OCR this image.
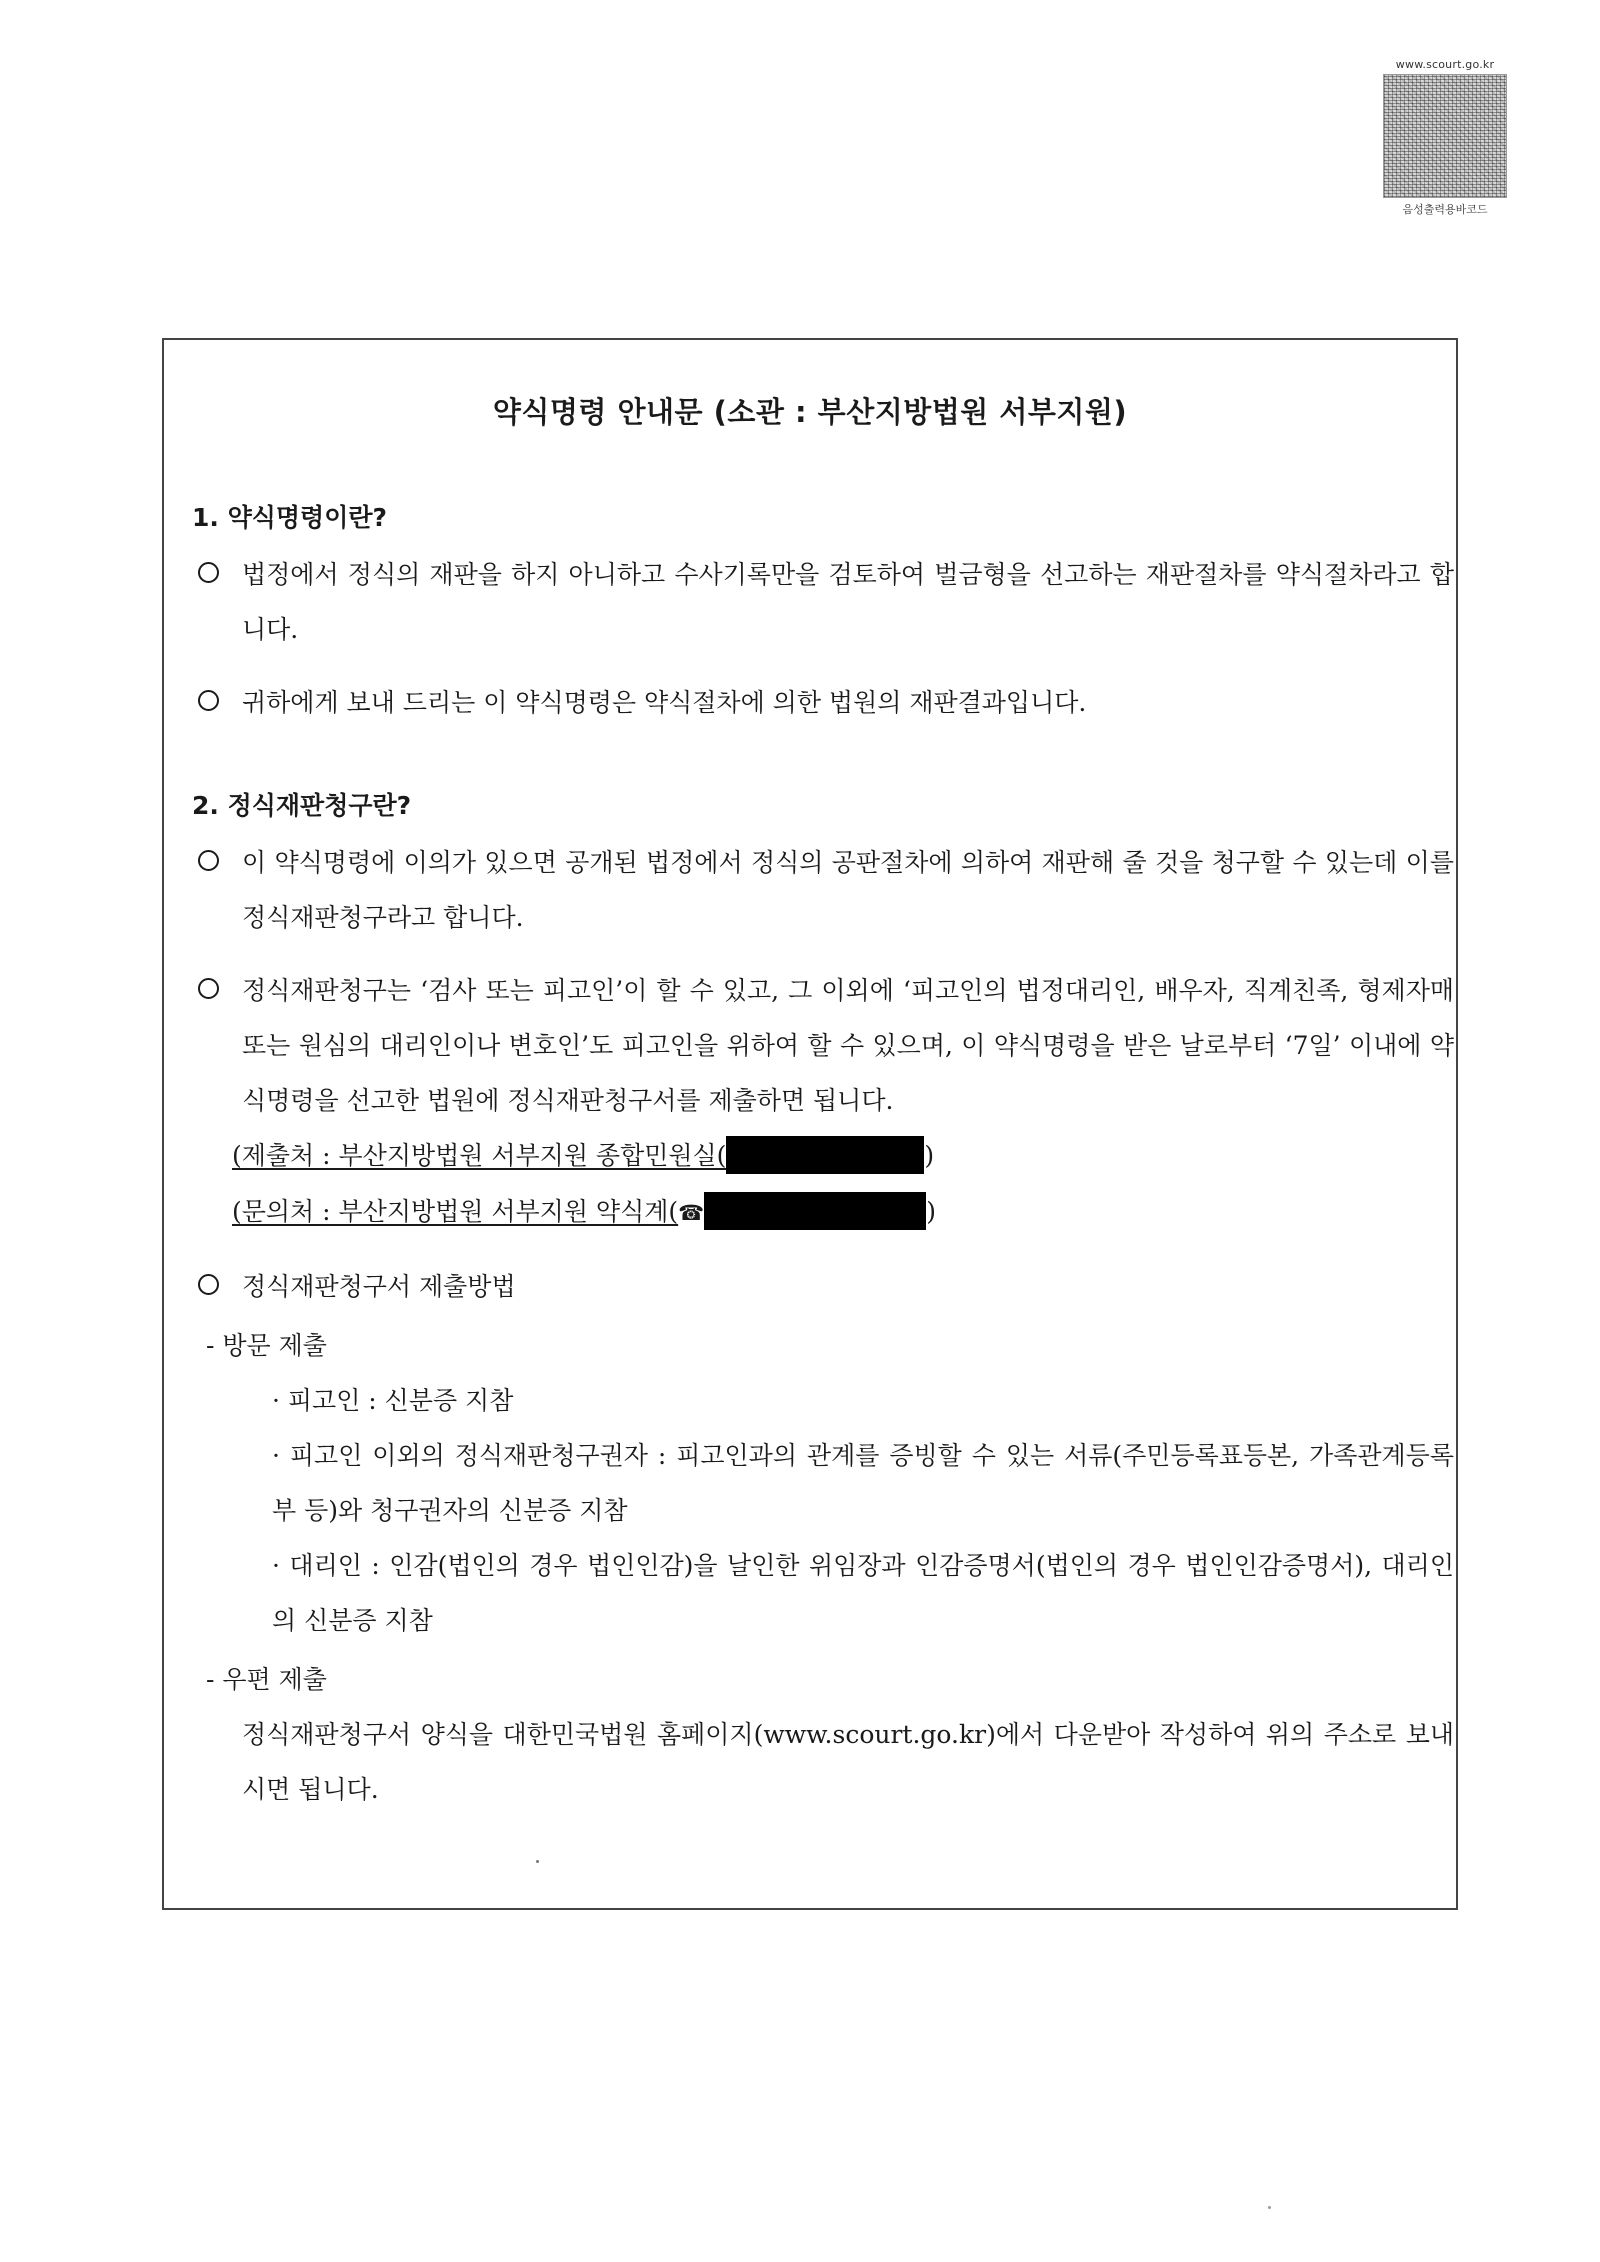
www.scourt.go.kr
음성출력용바코드
약식명령 안내문 (소관 : 부산지방법원 서부지원)
1. 약식명령이란?
법정에서 정식의 재판을 하지 아니하고 수사기록만을 검토하여 벌금형을 선고하는 재판절차를 약식절차라고 합니다.
귀하에게 보내 드리는 이 약식명령은 약식절차에 의한 법원의 재판결과입니다.
2. 정식재판청구란?
이 약식명령에 이의가 있으면 공개된 법정에서 정식의 공판절차에 의하여 재판해 줄 것을 청구할 수 있는데 이를 정식재판청구라고 합니다.
정식재판청구는 ‘검사 또는 피고인’이 할 수 있고, 그 이외에 ‘피고인의 법정대리인, 배우자, 직계친족, 형제자매 또는 원심의 대리인이나 변호인’도 피고인을 위하여 할 수 있으며, 이 약식명령을 받은 날로부터 ‘7일’ 이내에 약식명령을 선고한 법원에 정식재판청구서를 제출하면 됩니다.
(제출처 : 부산지방법원 서부지원 종합민원실(	)
(문의처 : 부산지방법원 서부지원 약식계(☎	)
정식재판청구서 제출방법
- 방문 제출
· 피고인 : 신분증 지참
· 피고인 이외의 정식재판청구권자 : 피고인과의 관계를 증빙할 수 있는 서류(주민등록표등본, 가족관계등록부 등)와 청구권자의 신분증 지참
· 대리인 : 인감(법인의 경우 법인인감)을 날인한 위임장과 인감증명서(법인의 경우 법인인감증명서), 대리인의 신분증 지참
- 우편 제출
정식재판청구서 양식을 대한민국법원 홈페이지(www.scourt.go.kr)에서 다운받아 작성하여 위의 주소로 보내시면 됩니다.
